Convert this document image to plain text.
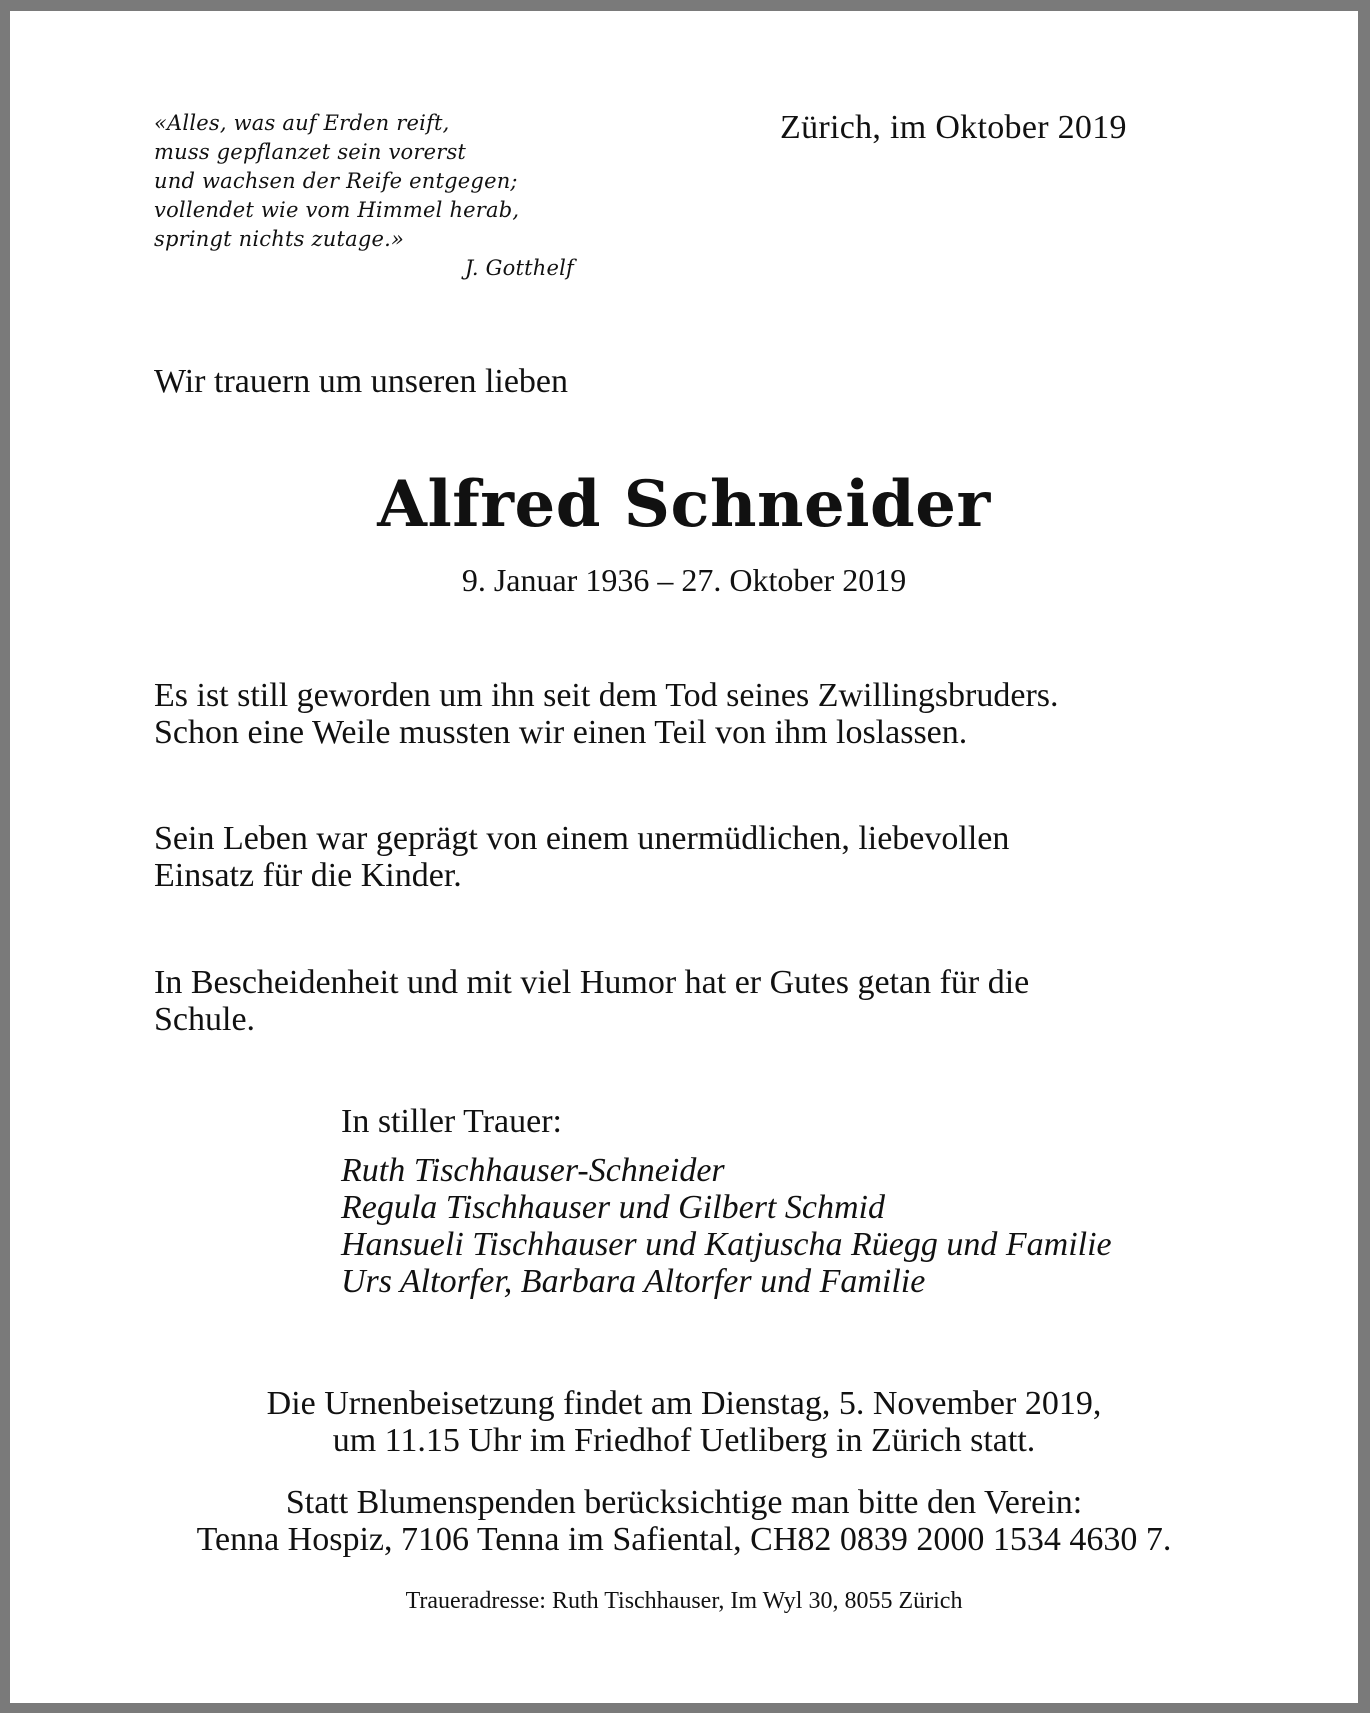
«Alles, was auf Erden reift,
muss gepflanzet sein vorerst
und wachsen der Reife entgegen;
vollendet wie vom Himmel herab,
springt nichts zutage.»
J. Gotthelf
Zürich, im Oktober 2019
Wir trauern um unseren lieben
Alfred Schneider
9. Januar 1936 – 27. Oktober 2019
Es ist still geworden um ihn seit dem Tod seines Zwillingsbruders.
Schon eine Weile mussten wir einen Teil von ihm loslassen.
Sein Leben war geprägt von einem unermüdlichen, liebevollen
Einsatz für die Kinder.
In Bescheidenheit und mit viel Humor hat er Gutes getan für die
Schule.
In stiller Trauer:
Ruth Tischhauser-Schneider
Regula Tischhauser und Gilbert Schmid
Hansueli Tischhauser und Katjuscha Rüegg und Familie
Urs Altorfer, Barbara Altorfer und Familie
Die Urnenbeisetzung findet am Dienstag, 5. November 2019,
um 11.15 Uhr im Friedhof Uetliberg in Zürich statt.
Statt Blumenspenden berücksichtige man bitte den Verein:
Tenna Hospiz, 7106 Tenna im Safiental, CH82 0839 2000 1534 4630 7.
Traueradresse: Ruth Tischhauser, Im Wyl 30, 8055 Zürich
